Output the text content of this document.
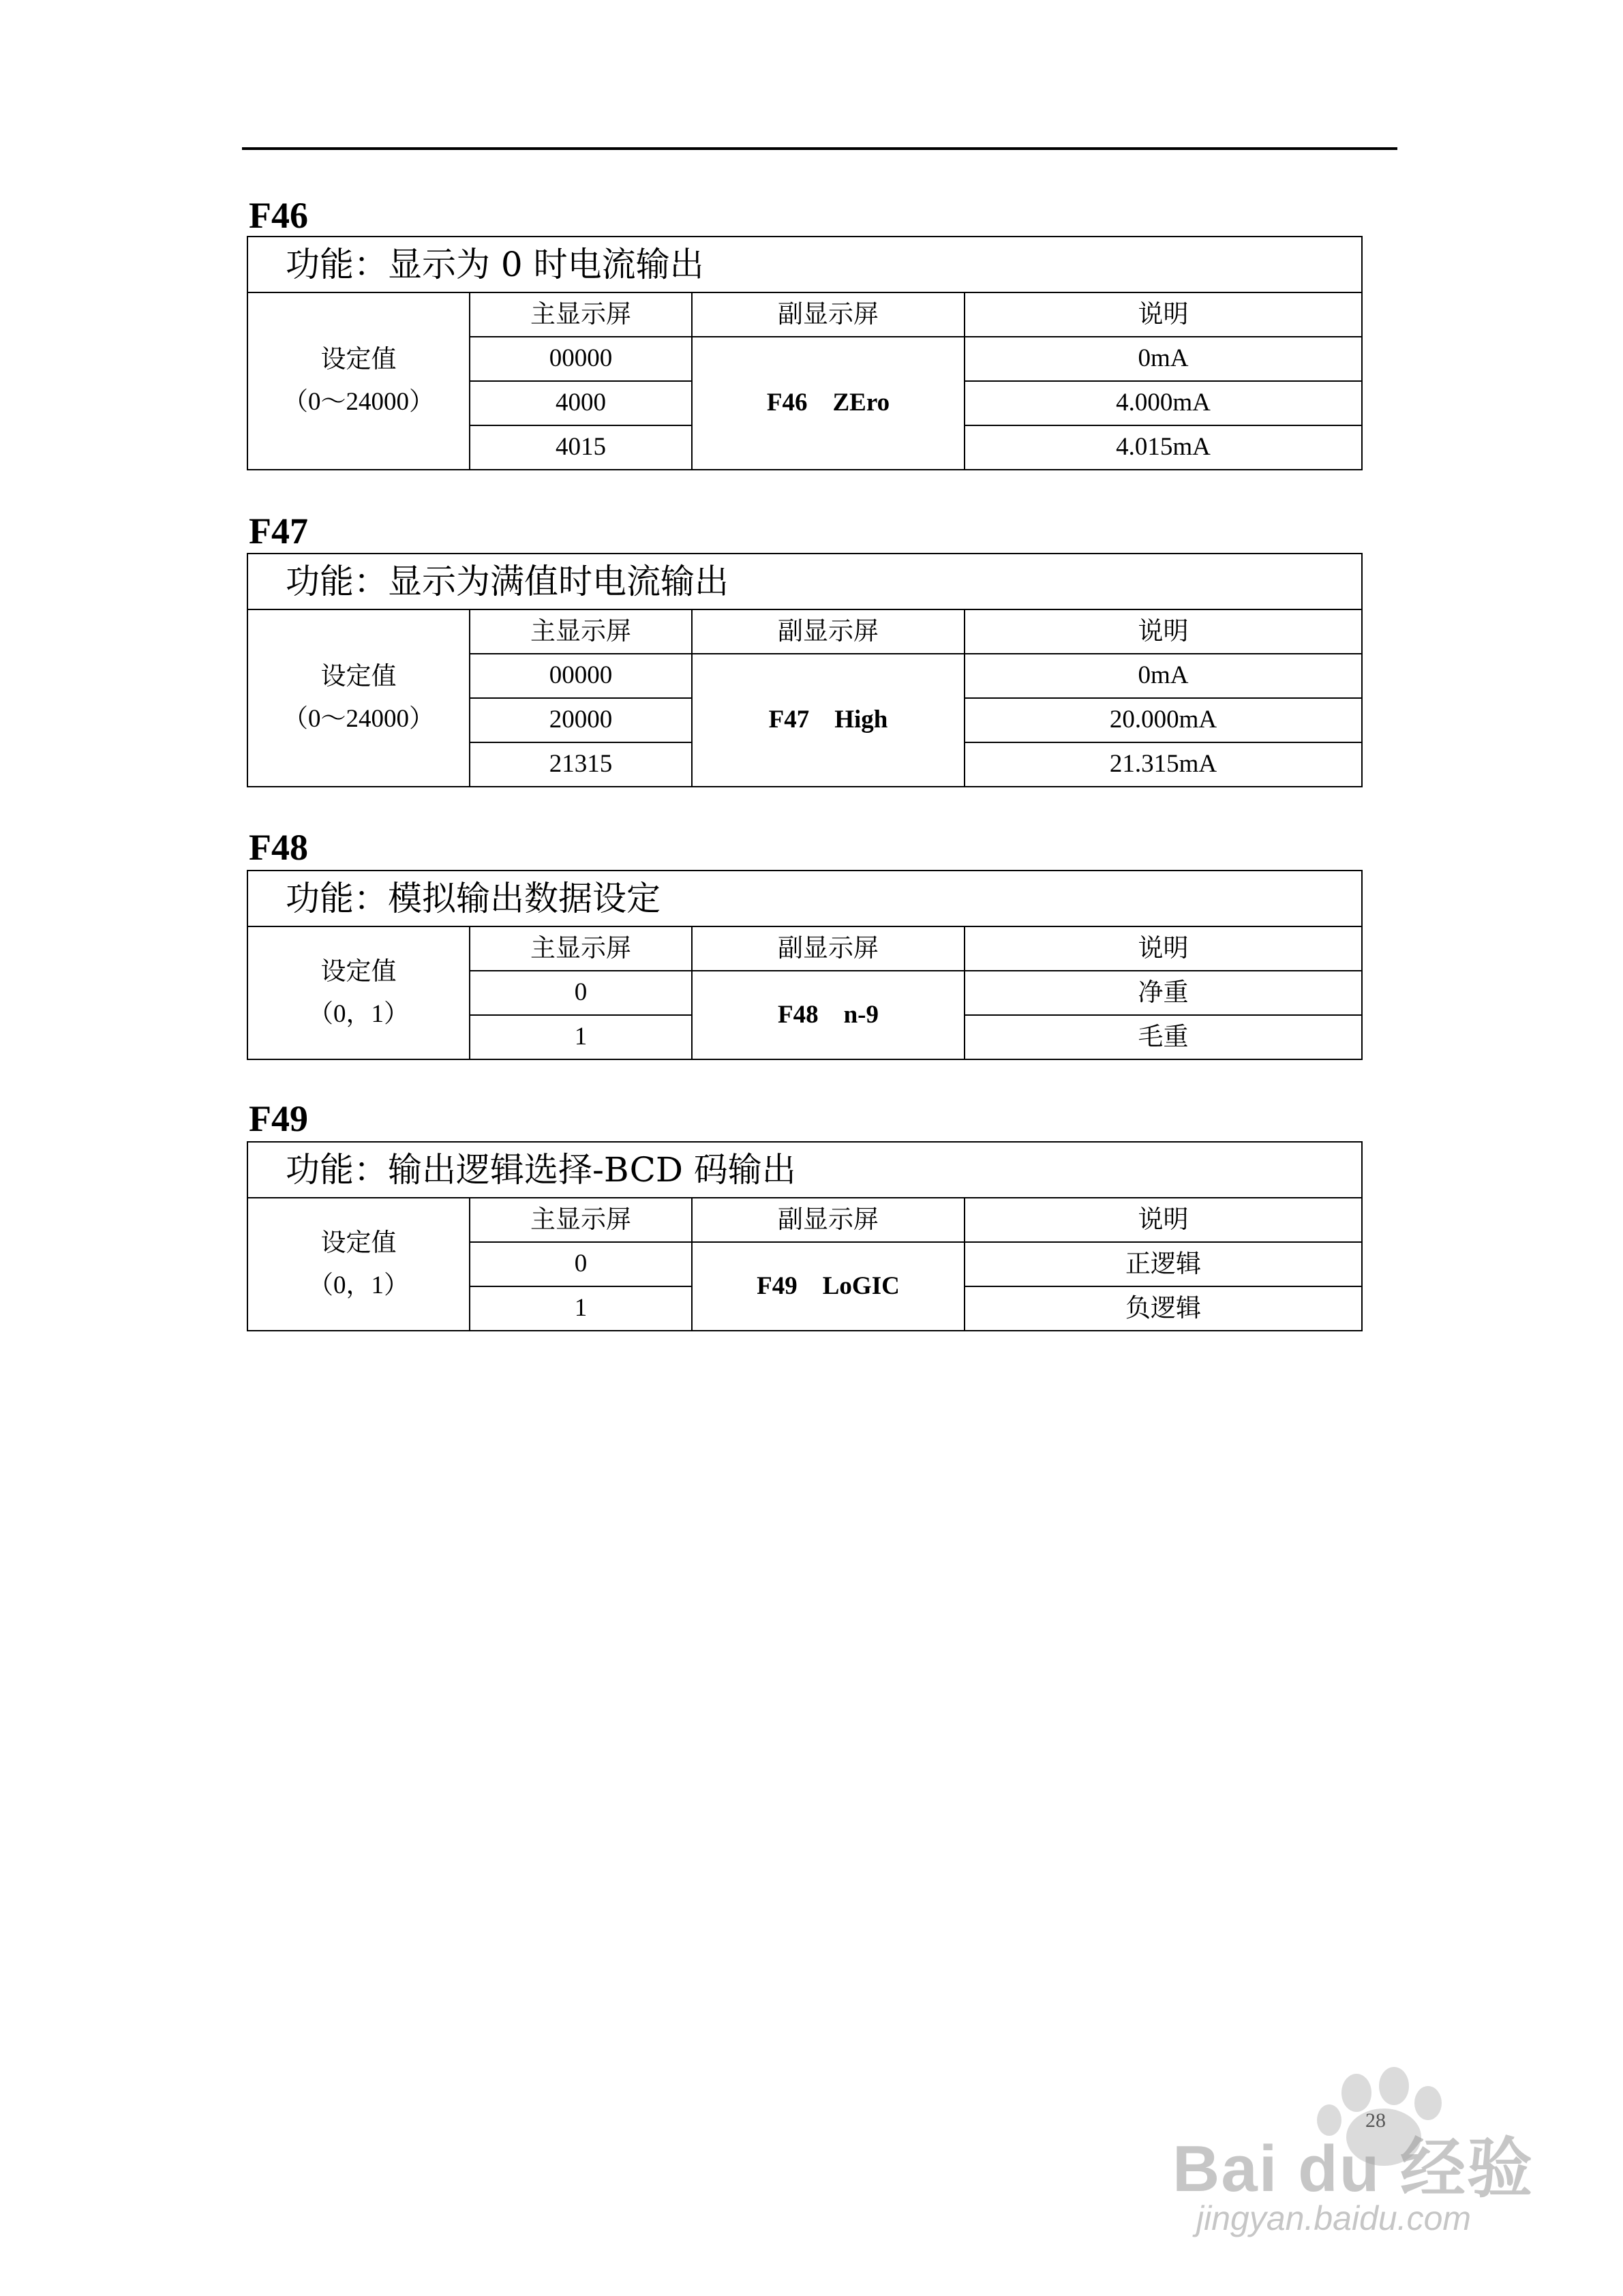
F46
功能：显示为 0 时电流输出			

设定值
（0～24000）	主显示屏	副显示屏	说明
	00000	F46    ZEro	0mA
	4000		4.000mA
	4015		4.015mA
F47
功能：显示为满值时电流输出			

设定值
（0～24000）	主显示屏	副显示屏	说明
	00000	F47    High	0mA
	20000		20.000mA
	21315		21.315mA
F48
功能：模拟输出数据设定			

设定值
（0，1）	主显示屏	副显示屏	说明
	0	F48    n-9	净重
	1		毛重
F49
功能：输出逻辑选择-BCD 码输出			

设定值
（0，1）	主显示屏	副显示屏	说明
	0	F49    LoGIC	正逻辑
	1		负逻辑
Bai du 经验
jingyan.baidu.com
28
